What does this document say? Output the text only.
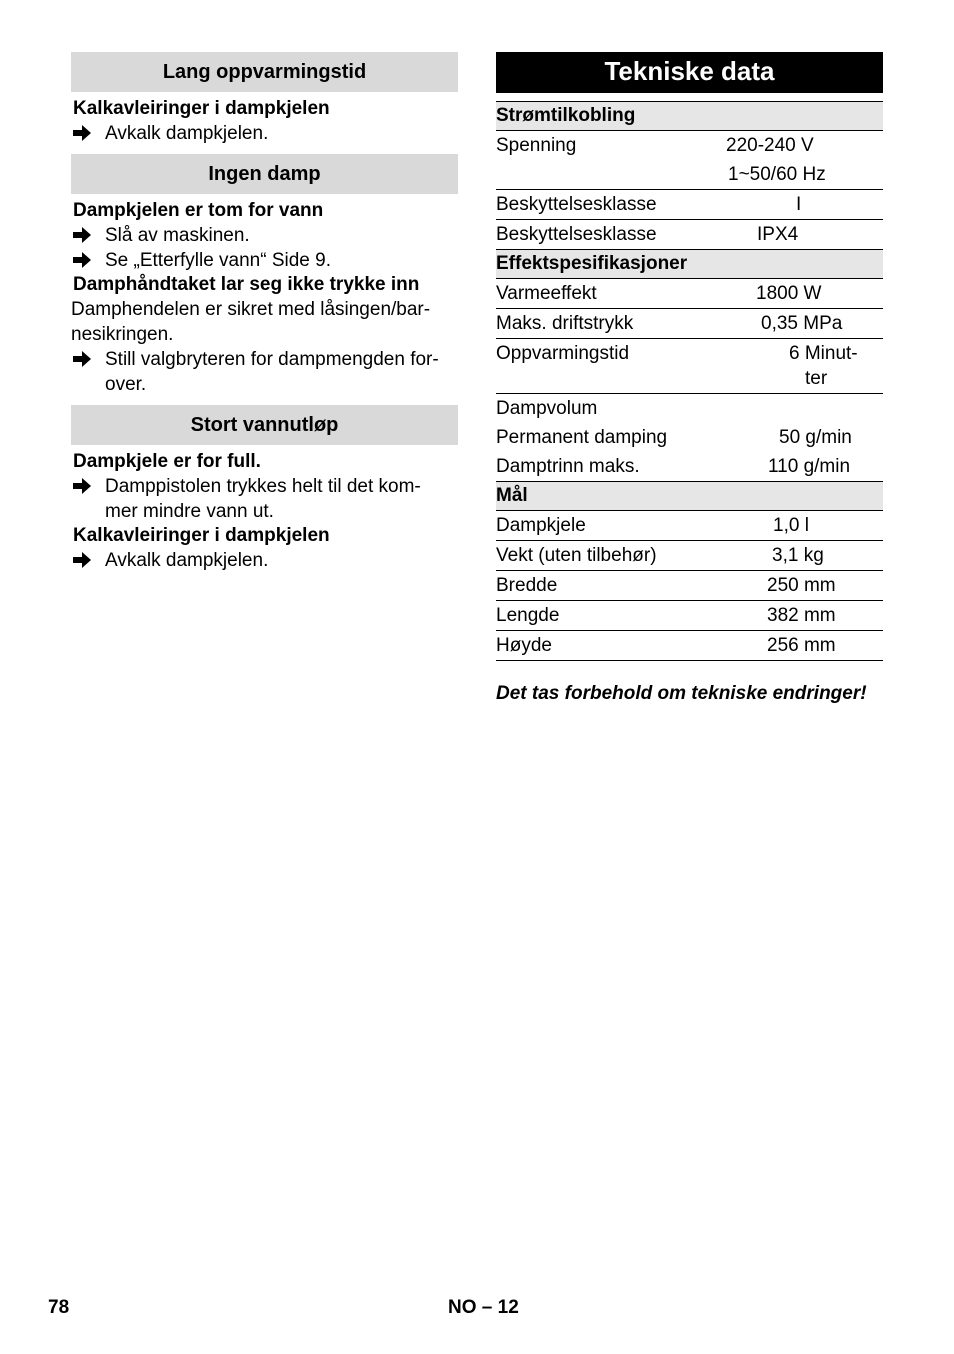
Lang oppvarmingstid
Kalkavleiringer i dampkjelen
Avkalk dampkjelen.
Ingen damp
Dampkjelen er tom for vann
Slå av maskinen.
Se „Etterfylle vann“ Side 9.
Damphåndtaket lar seg ikke trykke inn
Damphendelen er sikret med låsingen/bar-
nesikringen.
Still valgbryteren for dampmengden for-
over.
Stort vannutløp
Dampkjele er for full.
Damppistolen trykkes helt til det kom-
mer mindre vann ut.
Kalkavleiringer i dampkjelen
Avkalk dampkjelen.
Tekniske data
Strømtilkobling	
Spenning	220-240 V

	1~50/60 Hz

Beskyttelsesklasse	I

Beskyttelsesklasse	IPX4

Effektspesifikasjoner	
Varmeeffekt	1800 W

Maks. driftstrykk	0,35 MPa

Oppvarmingstid	6 Minut-
ter

Dampvolum	

Permanent damping	50 g/min

Damptrinn maks.	110 g/min

Mål	
Dampkjele	1,0 l

Vekt (uten tilbehør)	3,1 kg

Bredde	250 mm

Lengde	382 mm

Høyde	256 mm
Det tas forbehold om tekniske endringer!
78	NO – 12
